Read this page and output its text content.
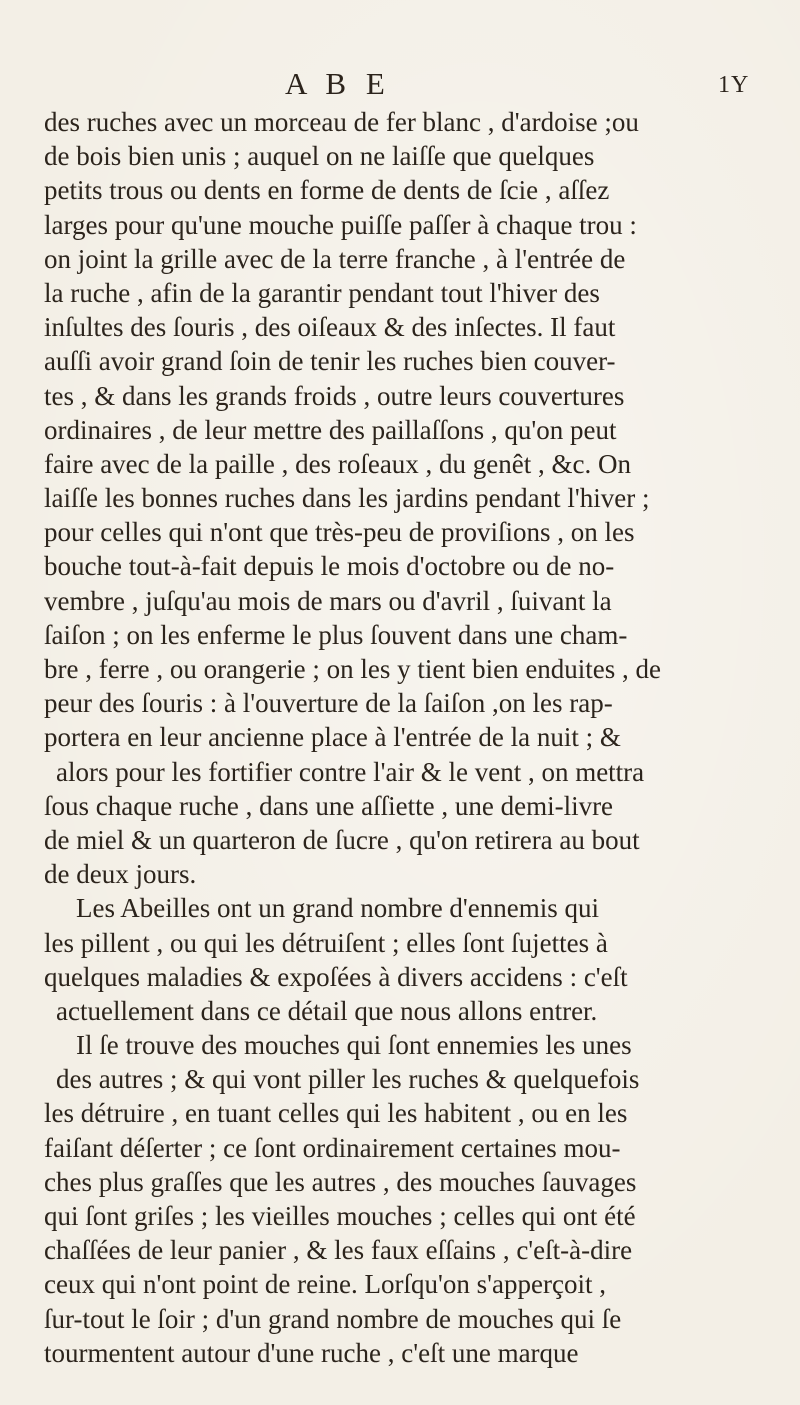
A B E	1Y
des ruches avec un morceau de fer blanc , d'ardoise ;ou
de bois bien unis ; auquel on ne laiſſe que quelques
petits trous ou dents en forme de dents de ſcie , aſſez
larges pour qu'une mouche puiſſe paſſer à chaque trou :
on joint la grille avec de la terre franche , à l'entrée de
la ruche , afin de la garantir pendant tout l'hiver des
inſultes des ſouris , des oiſeaux & des inſectes. Il faut
auſſi avoir grand ſoin de tenir les ruches bien couver-
tes , & dans les grands froids , outre leurs couvertures
ordinaires , de leur mettre des paillaſſons , qu'on peut
faire avec de la paille , des roſeaux , du genêt , &c. On
laiſſe les bonnes ruches dans les jardins pendant l'hiver ;
pour celles qui n'ont que très-peu de proviſions , on les
bouche tout-à-fait depuis le mois d'octobre ou de no-
vembre , juſqu'au mois de mars ou d'avril , ſuivant la
ſaiſon ; on les enferme le plus ſouvent dans une cham-
bre , ferre , ou orangerie ; on les y tient bien enduites , de
peur des ſouris : à l'ouverture de la ſaiſon ,on les rap-
portera en leur ancienne place à l'entrée de la nuit ; &
alors pour les fortifier contre l'air & le vent , on mettra
ſous chaque ruche , dans une aſſiette , une demi-livre
de miel & un quarteron de ſucre , qu'on retirera au bout
de deux jours.
Les Abeilles ont un grand nombre d'ennemis qui
les pillent , ou qui les détruiſent ; elles ſont ſujettes à
quelques maladies & expoſées à divers accidens : c'eſt
actuellement dans ce détail que nous allons entrer.
Il ſe trouve des mouches qui ſont ennemies les unes
des autres ; & qui vont piller les ruches & quelquefois
les détruire , en tuant celles qui les habitent , ou en les
faiſant déſerter ; ce ſont ordinairement certaines mou-
ches plus graſſes que les autres , des mouches ſauvages
qui ſont griſes ; les vieilles mouches ; celles qui ont été
chaſſées de leur panier , & les faux eſſains , c'eſt-à-dire
ceux qui n'ont point de reine. Lorſqu'on s'apperçoit ,
ſur-tout le ſoir ; d'un grand nombre de mouches qui ſe
tourmentent autour d'une ruche , c'eſt une marque
